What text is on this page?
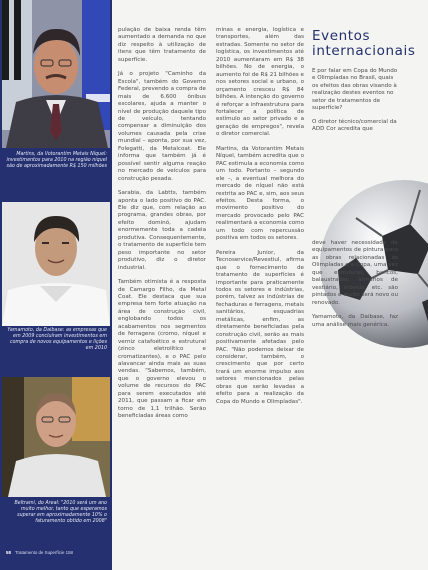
Martins, da Votorantim Metais Níquel: investimentos para 2010 na região niquel são de aproximadamente R$ 150 milhões
Yamamoto, da Daibase: as empresas que em 2009 concluíram investimentos em compra de novos equipamentos e lições em 2010
Beltrami, do Areal: "2010 será um ano muito melhor, tanto que esperamos superar em aproximadamente 10% o faturamento obtido em 2008"
58 Tratamento de Superfície 158

pulação de baixa renda têm aumentado a demanda no que diz respeito à utilização de itens que têm tratamento de superfície.

Já o projeto "Caminho da Escola", também do Governo Federal, prevendo a compra de mais de 6.600 ônibus escolares, ajuda a manter o nível de produção daquele tipo de veículo, tentando compensar a diminuição dos volumes causada pela crise mundial – aponta, por sua vez, Folegatti, da Metalcoat. Ele informa que também já é possível sentir alguma reação no mercado de veículos para construção pesada.

Sarabia, da Labtts, também aponta o lado positivo do PAC. Ele diz que, com relação ao programa, grandes obras, por efeito dominó, ajudam enormemente toda a cadeia produtiva. Consequentemente, o tratamento de superfície tem peso importante no setor produtivo, diz o diretor industrial.

Também otimista é a resposta de Camargo Filho, da Metal Coat. Ele destaca que sua empresa tem forte atuação na área de construção civil, englobando todos os acabamentos nos segmentos de ferragens (cromo, níquel e verniz catafoético e estrutural (zinco eletrolítico e cromatizantes), e o PAC pelo alavancar ainda mais as suas vendas. "Sabemos, também, que o governo elevou o volume de recursos do PAC para serem executados até 2011, que passam a ficar em torno de 1,1 trilhão. Serão beneficiadas áreas como

minas e energia, logística e transportes, além das estradas. Somente no setor de logística, os investimentos até 2010 aumentaram em R$ 38 bilhões. No de energia, o aumento foi de R$ 21 bilhões e nos setores social e urbano, o orçamento cresceu R$ 84 bilhões. A intenção do governo é reforçar a infraestrutura para fortalecer a política de estímulo ao setor privado e a geração de empregos", revela o diretor comercial.

Martins, da Votorantim Metais Níquel, também acredita que o PAC estimula a economia como um todo. Portanto – segundo ele –, a eventual melhora do mercado de níquel não está restrita ao PAC e, sim, aos seus efeitos. Desta forma, o movimento positivo do mercado provocado pelo PAC realimentará a economia como um todo com repercussão positiva em todos os setores.

Pereira Junior, da Tecnoservice/Revestiul, afirma que o fornecimento de tratamento de superfícies é importante para praticamente todos os setores e indústrias, porém, talvez as indústrias de fechaduras e ferragens, metais sanitários, esquadrias metálicas, enfim, as diretamente beneficiadas pela construção civil, serão as mais positivamente afetadas pelo PAC. "Não podemos deixar de considerar, também, o crescimento que por certo trará um enorme impulso aos setores mencionados pelas obras que serão levadas a efeito para a realização da Copa do Mundo e Olimpíadas".

Eventos internacionais

E por falar em Copa do Mundo e Olimpíadas no Brasil, quais os efeitos das obras visando à realização destes eventos no setor de tratamentos de superfície?

O diretor técnico/comercial da ADD Cor acredita que

deve haver necessidade de equipamentos de pintura para as obras relacionadas às Olimpíadas e à Copa, uma vez que estruturas, bancos, balaustradas, armários de vestiário, móveis, etc. são pintados e muito será novo ou renovado.

Yamamoto, da Daibase, faz uma análise mais genérica.
